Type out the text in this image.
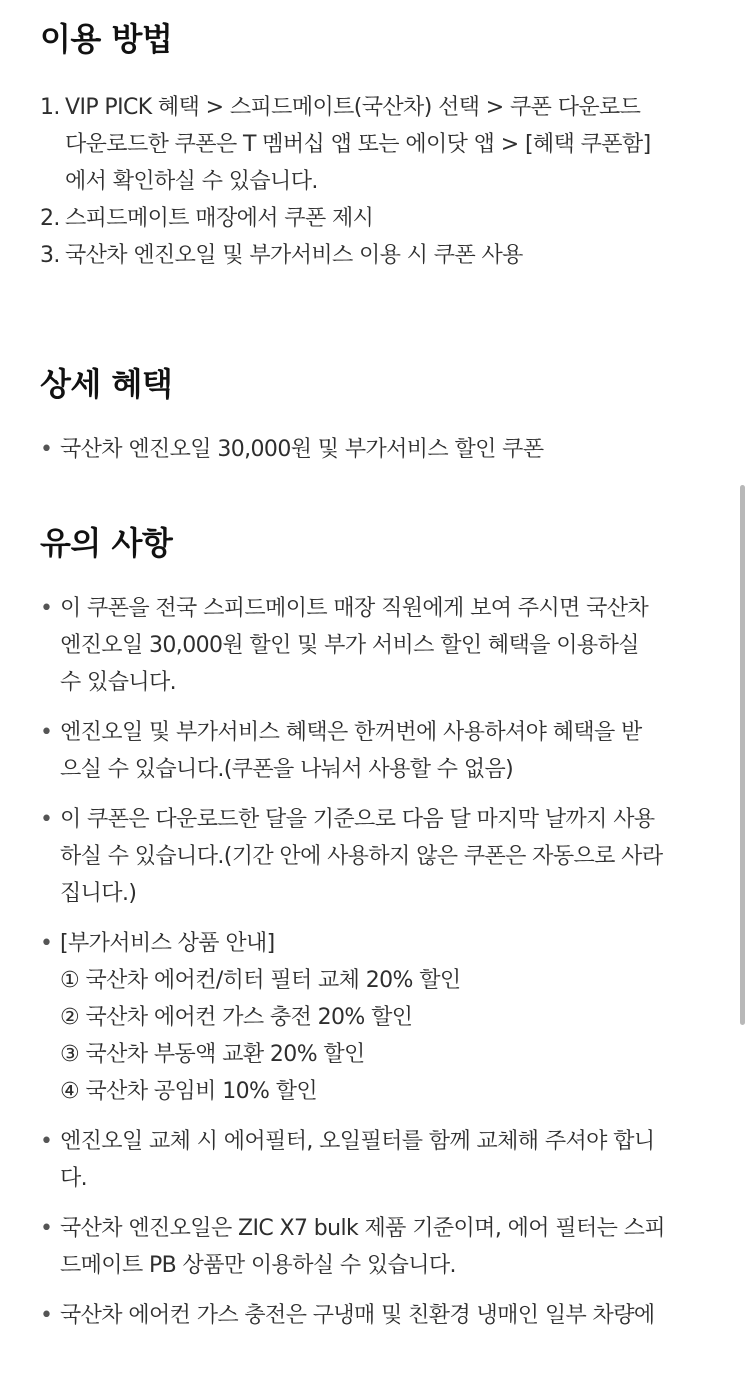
이용 방법
1. VIP PICK 혜택 > 스피드메이트(국산차) 선택 > 쿠폰 다운로드
다운로드한 쿠폰은 T 멤버십 앱 또는 에이닷 앱 > [혜택 쿠폰함]
에서 확인하실 수 있습니다.
2. 스피드메이트 매장에서 쿠폰 제시
3. 국산차 엔진오일 및 부가서비스 이용 시 쿠폰 사용
상세 혜택
• 국산차 엔진오일 30,000원 및 부가서비스 할인 쿠폰
유의 사항
• 이 쿠폰을 전국 스피드메이트 매장 직원에게 보여 주시면 국산차
엔진오일 30,000원 할인 및 부가 서비스 할인 혜택을 이용하실
수 있습니다.
• 엔진오일 및 부가서비스 혜택은 한꺼번에 사용하셔야 혜택을 받
으실 수 있습니다.(쿠폰을 나눠서 사용할 수 없음)
• 이 쿠폰은 다운로드한 달을 기준으로 다음 달 마지막 날까지 사용
하실 수 있습니다.(기간 안에 사용하지 않은 쿠폰은 자동으로 사라
집니다.)
• [부가서비스 상품 안내]
① 국산차 에어컨/히터 필터 교체 20% 할인
② 국산차 에어컨 가스 충전 20% 할인
③ 국산차 부동액 교환 20% 할인
④ 국산차 공임비 10% 할인
• 엔진오일 교체 시 에어필터, 오일필터를 함께 교체해 주셔야 합니
다.
• 국산차 엔진오일은 ZIC X7 bulk 제품 기준이며, 에어 필터는 스피
드메이트 PB 상품만 이용하실 수 있습니다.
• 국산차 에어컨 가스 충전은 구냉매 및 친환경 냉매인 일부 차량에
